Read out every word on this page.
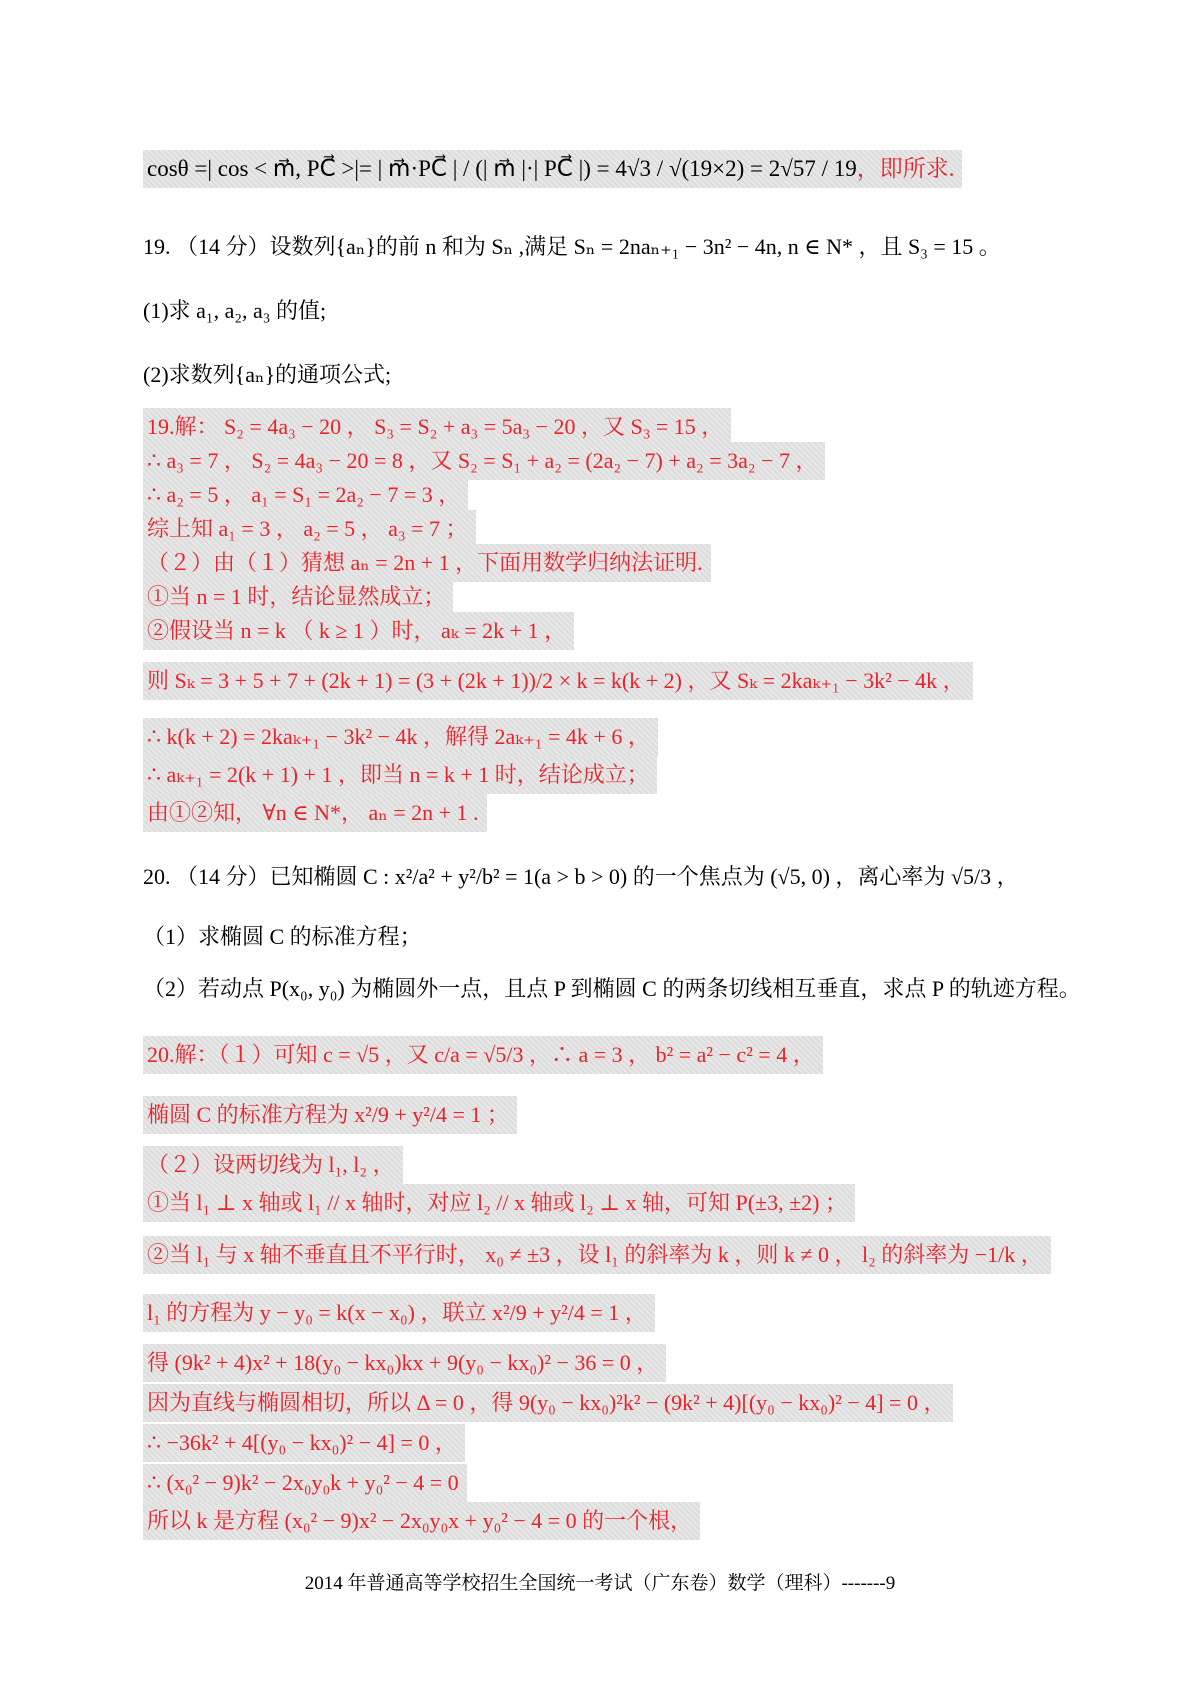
cosθ =| cos < m⃗, PC⃗ >|= | m⃗·PC⃗ | / (| m⃗ |·| PC⃗ |) = 4√3 / √(19×2) = 2√57 / 19，即所求.
19. （14 分）设数列{aₙ}的前 n 和为 Sₙ ,满足 Sₙ = 2naₙ₊₁ − 3n² − 4n, n ∈ N* ，且 S₃ = 15 。
(1)求 a₁, a₂, a₃ 的值;
(2)求数列{aₙ}的通项公式;
19.解： S₂ = 4a₃ − 20 ， S₃ = S₂ + a₃ = 5a₃ − 20 ，又 S₃ = 15 ，
∴ a₃ = 7 ， S₂ = 4a₃ − 20 = 8 ，又 S₂ = S₁ + a₂ = (2a₂ − 7) + a₂ = 3a₂ − 7 ，
∴ a₂ = 5 ， a₁ = S₁ = 2a₂ − 7 = 3 ，
综上知 a₁ = 3 ， a₂ = 5 ， a₃ = 7 ；
（２）由（１）猜想 aₙ = 2n + 1 ，下面用数学归纳法证明.
①当 n = 1 时，结论显然成立；
②假设当 n = k （ k ≥ 1 ）时， aₖ = 2k + 1 ，
则 Sₖ = 3 + 5 + 7 + (2k + 1) = (3 + (2k + 1))/2 × k = k(k + 2) ，又 Sₖ = 2kaₖ₊₁ − 3k² − 4k ，
∴ k(k + 2) = 2kaₖ₊₁ − 3k² − 4k ，解得 2aₖ₊₁ = 4k + 6 ，
∴ aₖ₊₁ = 2(k + 1) + 1 ，即当 n = k + 1 时，结论成立；
由①②知， ∀n ∈ N*， aₙ = 2n + 1 .
20. （14 分）已知椭圆 C : x²/a² + y²/b² = 1(a > b > 0) 的一个焦点为 (√5, 0) ，离心率为 √5/3 ，
（1）求椭圆 C 的标准方程；
（2）若动点 P(x₀, y₀) 为椭圆外一点，且点 P 到椭圆 C 的两条切线相互垂直，求点 P 的轨迹方程。
20.解：（１）可知 c = √5 ，又 c/a = √5/3 ，∴ a = 3 ， b² = a² − c² = 4 ，
椭圆 C 的标准方程为 x²/9 + y²/4 = 1 ；
（２）设两切线为 l₁, l₂ ，
①当 l₁ ⊥ x 轴或 l₁ // x 轴时，对应 l₂ // x 轴或 l₂ ⊥ x 轴，可知 P(±3, ±2) ；
②当 l₁ 与 x 轴不垂直且不平行时， x₀ ≠ ±3 ，设 l₁ 的斜率为 k ，则 k ≠ 0 ， l₂ 的斜率为 −1/k ，
l₁ 的方程为 y − y₀ = k(x − x₀) ，联立 x²/9 + y²/4 = 1 ，
得 (9k² + 4)x² + 18(y₀ − kx₀)kx + 9(y₀ − kx₀)² − 36 = 0 ，
因为直线与椭圆相切，所以 Δ = 0 ，得 9(y₀ − kx₀)²k² − (9k² + 4)[(y₀ − kx₀)² − 4] = 0 ，
∴ −36k² + 4[(y₀ − kx₀)² − 4] = 0 ，
∴ (x₀² − 9)k² − 2x₀y₀k + y₀² − 4 = 0
所以 k 是方程 (x₀² − 9)x² − 2x₀y₀x + y₀² − 4 = 0 的一个根，
2014 年普通高等学校招生全国统一考试（广东卷）数学（理科）-------9
